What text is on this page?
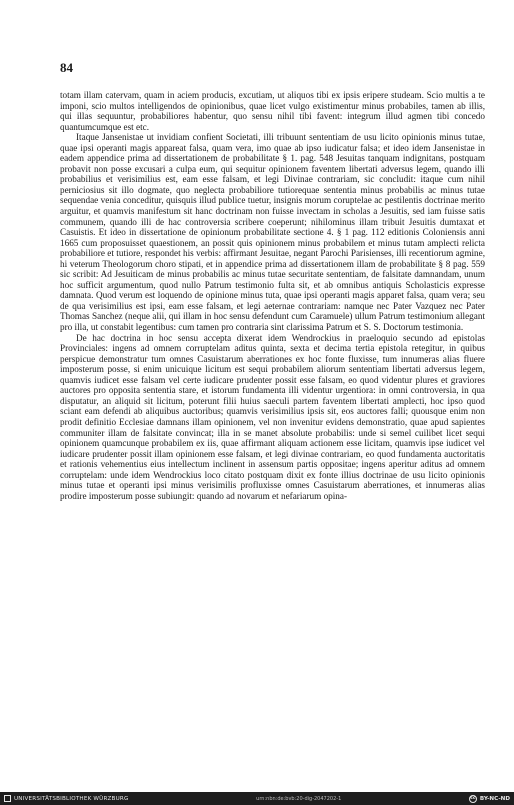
84

totam illam catervam, quam in aciem producis, excutiam, ut aliquos tibi ex ipsis eripere studeam. Scio multis a te imponi, scio multos intelligendos de opinionibus, quae licet vulgo existimentur minus probabiles, tamen ab illis, qui illas sequuntur, probabiliores habentur, quo sensu nihil tibi favent: integrum illud agmen tibi concedo quantumcumque est etc.

Itaque Jansenistae ut invidiam confient Societati, illi tribuunt sententiam de usu licito opinionis minus tutae, quae ipsi operanti magis appareat falsa, quam vera, imo quae ab ipso iudicatur falsa; et ideo idem Jansenistae in eadem appendice prima ad dissertationem de probabilitate § 1. pag. 548 Jesuitas tanquam indignitans, postquam probavit non posse excusari a culpa eum, qui sequitur opinionem faventem libertati adversus legem, quando illi probabilius et verisimilius est, eam esse falsam, et legi Divinae contrariam, sic concludit: itaque cum nihil perniciosius sit illo dogmate, quo neglecta probabiliore tutiorequae sententia minus probabilis ac minus tutae sequendae venia conceditur, quisquis illud publice tuetur, insignis morum coruptelae ac pestilentis doctrinae merito arguitur, et quamvis manifestum sit hanc doctrinam non fuisse invectam in scholas a Jesuitis, sed iam fuisse satis communem, quando illi de hac controversia scribere coeperunt; nihilominus illam tribuit Jesuitis dumtaxat et Casuistis. Et ideo in dissertatione de opinionum probabilitate sectione 4. § 1 pag. 112 editionis Coloniensis anni 1665 cum proposuisset quaestionem, an possit quis opinionem minus probabilem et minus tutam amplecti relicta probabiliore et tutiore, respondet his verbis: affirmant Jesuitae, negant Parochi Parisienses, illi recentiorum agmine, hi veterum Theologorum choro stipati, et in appendice prima ad dissertationem illam de probabilitate § 8 pag. 559 sic scribit: Ad Jesuiticam de minus probabilis ac minus tutae securitate sententiam, de falsitate damnandam, unum hoc sufficit argumentum, quod nullo Patrum testimonio fulta sit, et ab omnibus antiquis Scholasticis expresse damnata. Quod verum est loquendo de opinione minus tuta, quae ipsi operanti magis apparet falsa, quam vera; seu de qua verisimilius est ipsi, eam esse falsam, et legi aeternae contrariam: namque nec Pater Vazquez nec Pater Thomas Sanchez (neque alii, qui illam in hoc sensu defendunt cum Caramuele) ullum Patrum testimonium allegant pro illa, ut constabit legentibus: cum tamen pro contraria sint clarissima Patrum et S. S. Doctorum testimonia.

De hac doctrina in hoc sensu accepta dixerat idem Wendrockius in praeloquio secundo ad epistolas Provinciales: ingens ad omnem corruptelam aditus quinta, sexta et decima tertia epistola retegitur, in quibus perspicue demonstratur tum omnes Casuistarum aberrationes ex hoc fonte fluxisse, tum innumeras alias fluere imposterum posse, si enim unicuique licitum est sequi probabilem aliorum sententiam libertati adversus legem, quamvis iudicet esse falsam vel certe iudicare prudenter possit esse falsam, eo quod videntur plures et graviores auctores pro opposita sententia stare, et istorum fundamenta illi videntur urgentiora: in omni controversia, in qua disputatur, an aliquid sit licitum, poterunt filii huius saeculi partem faventem libertati amplecti, hoc ipso quod sciant eam defendi ab aliquibus auctoribus; quamvis verisimilius ipsis sit, eos auctores falli; quousque enim non prodit definitio Ecclesiae damnans illam opinionem, vel non invenitur evidens demonstratio, quae apud sapientes communiter illam de falsitate convincat; illa in se manet absolute probabilis: unde si semel cuilibet licet sequi opinionem quamcunque probabilem ex iis, quae affirmant aliquam actionem esse licitam, quamvis ipse iudicet vel iudicare prudenter possit illam opinionem esse falsam, et legi divinae contrariam, eo quod fundamenta auctoritatis et rationis vehementius eius intellectum inclinent in assensum partis oppositae; ingens aperitur aditus ad omnem corruptelam: unde idem Wendrockius loco citato postquam dixit ex fonte illius doctrinae de usu licito opinionis minus tutae et operanti ipsi minus verisimilis profluxisse omnes Casuistarum aberrationes, et innumeras alias prodire imposterum posse subiungit: quando ad novarum et nefariarum opina-

UNIVERSITÄTSBIBLIOTHEK WÜRZBURG	urn:nbn:de:bvb:20-dig-2047202-1	cc BY-NC-ND
